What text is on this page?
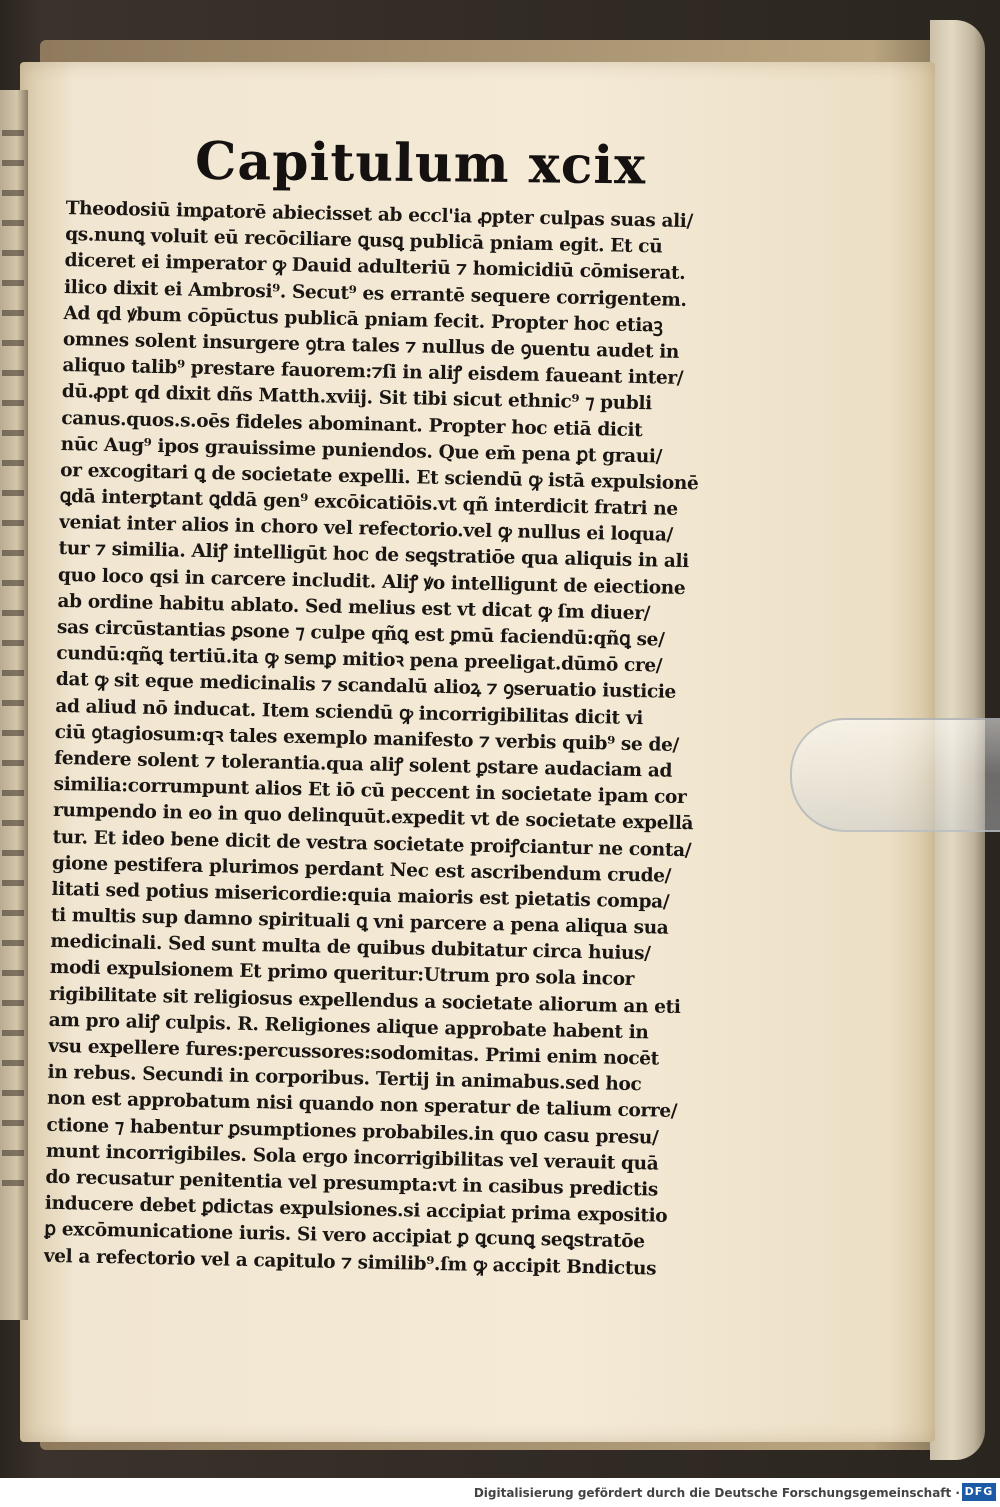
Capitulum xcix
Theodosiū imꝑatorē abiecisset ab eccl'ia ꝓpter culpas suas ali/
qs.nunꝗ voluit eū recōciliare ꝗusꝗ publicā pniam egit. Et cū
diceret ei imperator ꝙ Dauid adulteriū ⁊ homicidiū cōmiserat.
ilico dixit ei Ambrosi⁹. Secut⁹ es errantē sequere corrigentem.
Ad qd ꝟbum cōpūctus publicā pniam fecit. Propter hoc etiaꝫ
omnes solent insurgere ꝯtra tales ⁊ nullus de ꝯuentu audet in
aliquo talib⁹ prestare fauorem:⁊ſi in aliꝭ eisdem faueant inter/
dū.ꝓpt qd dixit dñs Matth.xviij. Sit tibi sicut ethnic⁹ ⁊ publi
canus.quos.s.oēs fideles abominant. Propter hoc etiā dicit
nūc Aug⁹ ipos grauissime puniendos. Que em̄ pena ꝑt graui/
or excogitari ꝗ de societate expelli. Et sciendū ꝙ istā expulsionē
ꝗdā interꝑtant ꝗddā gen⁹ excōicatiōis.vt qñ interdicit fratri ne
veniat inter alios in choro vel refectorio.vel ꝙ nullus ei loqua/
tur ⁊ similia. Aliꝭ intelligūt hoc de seꝗstratiōe qua aliquis in ali
quo loco qsi in carcere includit. Aliꝭ ꝟo intelligunt de eiectione
ab ordine habitu ablato. Sed melius est vt dicat ꝙ ſm diuer/
sas circūstantias ꝑsone ⁊ culpe qñꝗ est ꝑmū faciendū:qñꝗ se/
cundū:qñꝗ tertiū.ita ꝙ semꝑ mitioꝛ pena preeligat.dūmō cre/
dat ꝙ sit eque medicinalis ⁊ scandalū alioꝝ ⁊ ꝯseruatio iusticie
ad aliud nō inducat. Item sciendū ꝙ incorrigibilitas dicit vi
ciū ꝯtagiosum:qꝛ tales exemplo manifesto ⁊ verbis quib⁹ se de/
fendere solent ⁊ tolerantia.qua aliꝭ solent ꝑstare audaciam ad
similia:corrumpunt alios Et iō cū peccent in societate ipam cor
rumpendo in eo in quo delinquūt.expedit vt de societate expellā
tur. Et ideo bene dicit de vestra societate proiꝭciantur ne conta/
gione pestifera plurimos perdant Nec est ascribendum crude/
litati sed potius misericordie:quia maioris est pietatis compa/
ti multis sup damno spirituali ꝗ vni parcere a pena aliqua sua
medicinali. Sed sunt multa de quibus dubitatur circa huius/
modi expulsionem Et primo queritur:Utrum pro sola incor
rigibilitate sit religiosus expellendus a societate aliorum an eti
am pro aliꝭ culpis. R. Religiones alique approbate habent in
vsu expellere fures:percussores:sodomitas. Primi enim nocēt
in rebus. Secundi in corporibus. Tertij in animabus.sed hoc
non est approbatum nisi quando non speratur de talium corre/
ctione ⁊ habentur ꝑsumptiones probabiles.in quo casu presu/
munt incorrigibiles. Sola ergo incorrigibilitas vel verauit quā
do recusatur penitentia vel presumpta:vt in casibus predictis
inducere debet ꝑdictas expulsiones.si accipiat prima expositio
ꝑ excōmunicatione iuris. Si vero accipiat ꝑ ꝗcunꝗ seꝗstratōe
vel a refectorio vel a capitulo ⁊ similib⁹.ſm ꝙ accipit Bndictus
Digitalisierung gefördert durch die Deutsche Forschungsgemeinschaft · DFG
